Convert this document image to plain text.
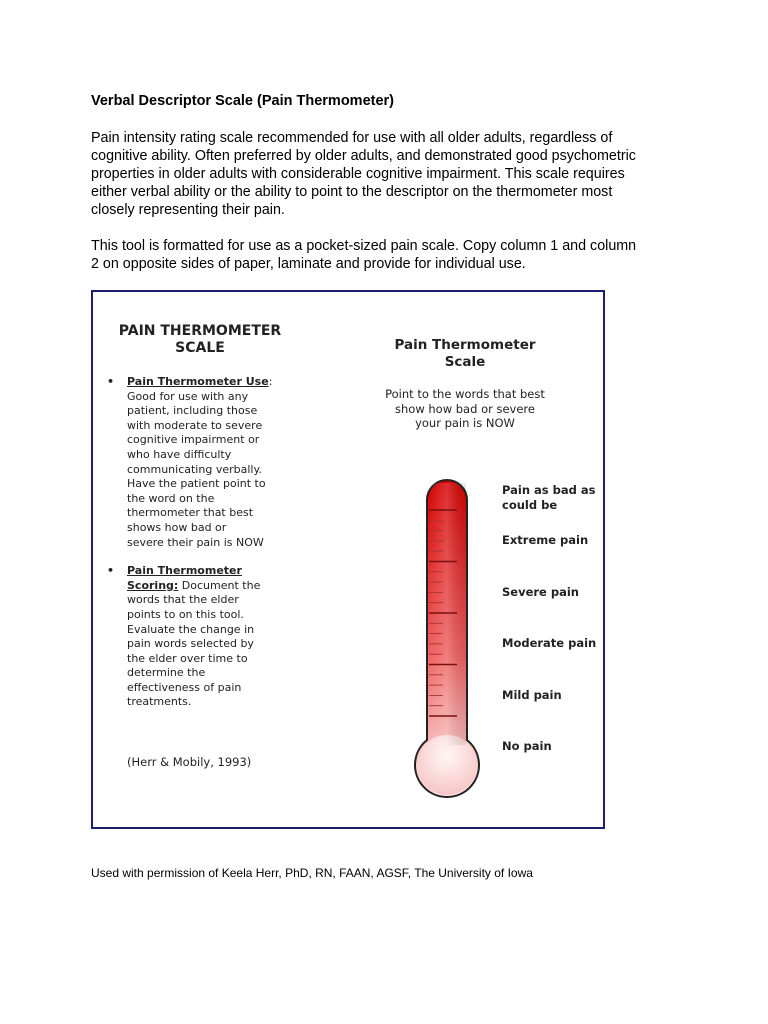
Verbal Descriptor Scale (Pain Thermometer)

Pain intensity rating scale recommended for use with all older adults, regardless of
cognitive ability. Often preferred by older adults, and demonstrated good psychometric
properties in older adults with considerable cognitive impairment. This scale requires
either verbal ability or the ability to point to the descriptor on the thermometer most
closely representing their pain.

This tool is formatted for use as a pocket-sized pain scale. Copy column 1 and column
2 on opposite sides of paper, laminate and provide for individual use.

PAIN THERMOMETER
SCALE
• Pain Thermometer Use:
Good for use with any
patient, including those
with moderate to severe
cognitive impairment or
who have difficulty
communicating verbally.
Have the patient point to
the word on the
thermometer that best
shows how bad or
severe their pain is NOW
• Pain Thermometer
Scoring: Document the
words that the elder
points to on this tool.
Evaluate the change in
pain words selected by
the elder over time to
determine the
effectiveness of pain
treatments.

(Herr & Mobily, 1993)

Pain Thermometer
Scale

Point to the words that best
show how bad or severe
your pain is NOW

Pain as bad as
could be

Extreme pain

Severe pain

Moderate pain

Mild pain

No pain

Used with permission of Keela Herr, PhD, RN, FAAN, AGSF, The University of Iowa
